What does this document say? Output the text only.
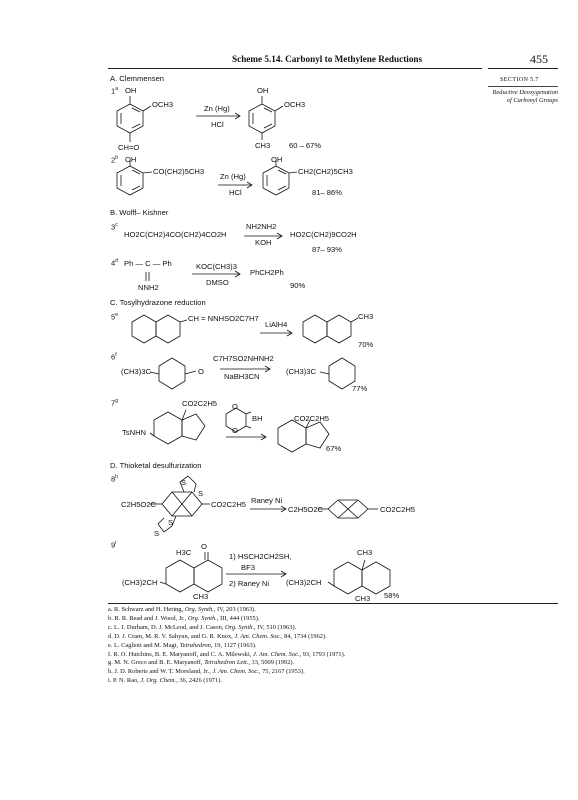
Scheme 5.14. Carbonyl to Methylene Reductions	455
SECTION 5.7
Reductive Deoxygenation
of Carbonyl Groups
A. Clemmensen
B. Wolff– Kishner
C. Tosylhydrazone reduction
D. Thioketal desulfurization
1$^a$
2$^b$
3$^c$
4$^d$
5e
6$^f$
7$^g$
8$^h$
9$^i$
OH
OCH3
CH=O
Zn (Hg)
HCl
OH
OCH3
CH3 60 – 67%
OH
CO(CH2)5CH3
Zn (Hg)
HCl
OH
CH2(CH2)5CH3
81– 86%
HO2C(CH2)4CO(CH2)4CO2H
NH2NH2
KOH
HO2C(CH2)9CO2H
87– 93%
Ph — C — Ph
NNH2
KOC(CH3)3
DMSO
PhCH2Ph
90%
CH = NNHSO2C7H7
LiAlH4
CH3
70%
(CH3)3C	O
C7H7SO2NHNH2
NaBH3CN
(CH3)3C
77%
CO2C2H5
TsNHN
O
BH
O
CO2C2H5
67%
S
S
S
S
C2H5O2C	CO2C2H5 Raney Ni
C2H5O2C	CO2C2H5
H3C
O
(CH3)2CH
CH3
1) HSCH2CH2SH,
BF3
2) Raney Ni
CH3
(CH3)2CH
CH3 58%
a. R. Schwarz and H. Hering, Org. Synth., IV, 203 (1963).
b. R. R. Read and J. Wood, Jr., Org. Synth., III, 444 (1955).
c. L. J. Durham, D. J. McLeod, and J. Cason, Org. Synth., IV, 510 (1963).
d. D. J. Cram, M. R. V. Sahyun, and G. R. Knox, J. Am. Chem. Soc., 84, 1734 (1962).
e. L. Caglioti and M. Magi, Tetrahedron, 19, 1127 (1963).
f. R. O. Hutchins, B. E. Maryanoff, and C. A. Milewski, J. Am. Chem. Soc., 93, 1793 (1971).
g. M. N. Greco and B. E. Maryanoff, Tetrahedron Lett., 33, 5009 (1992).
h. J. D. Roberts and W. T. Moreland, Jr., J. Am. Chem. Soc., 75, 2167 (1953).
i. P. N. Rao, J. Org. Chem., 36, 2426 (1971).
